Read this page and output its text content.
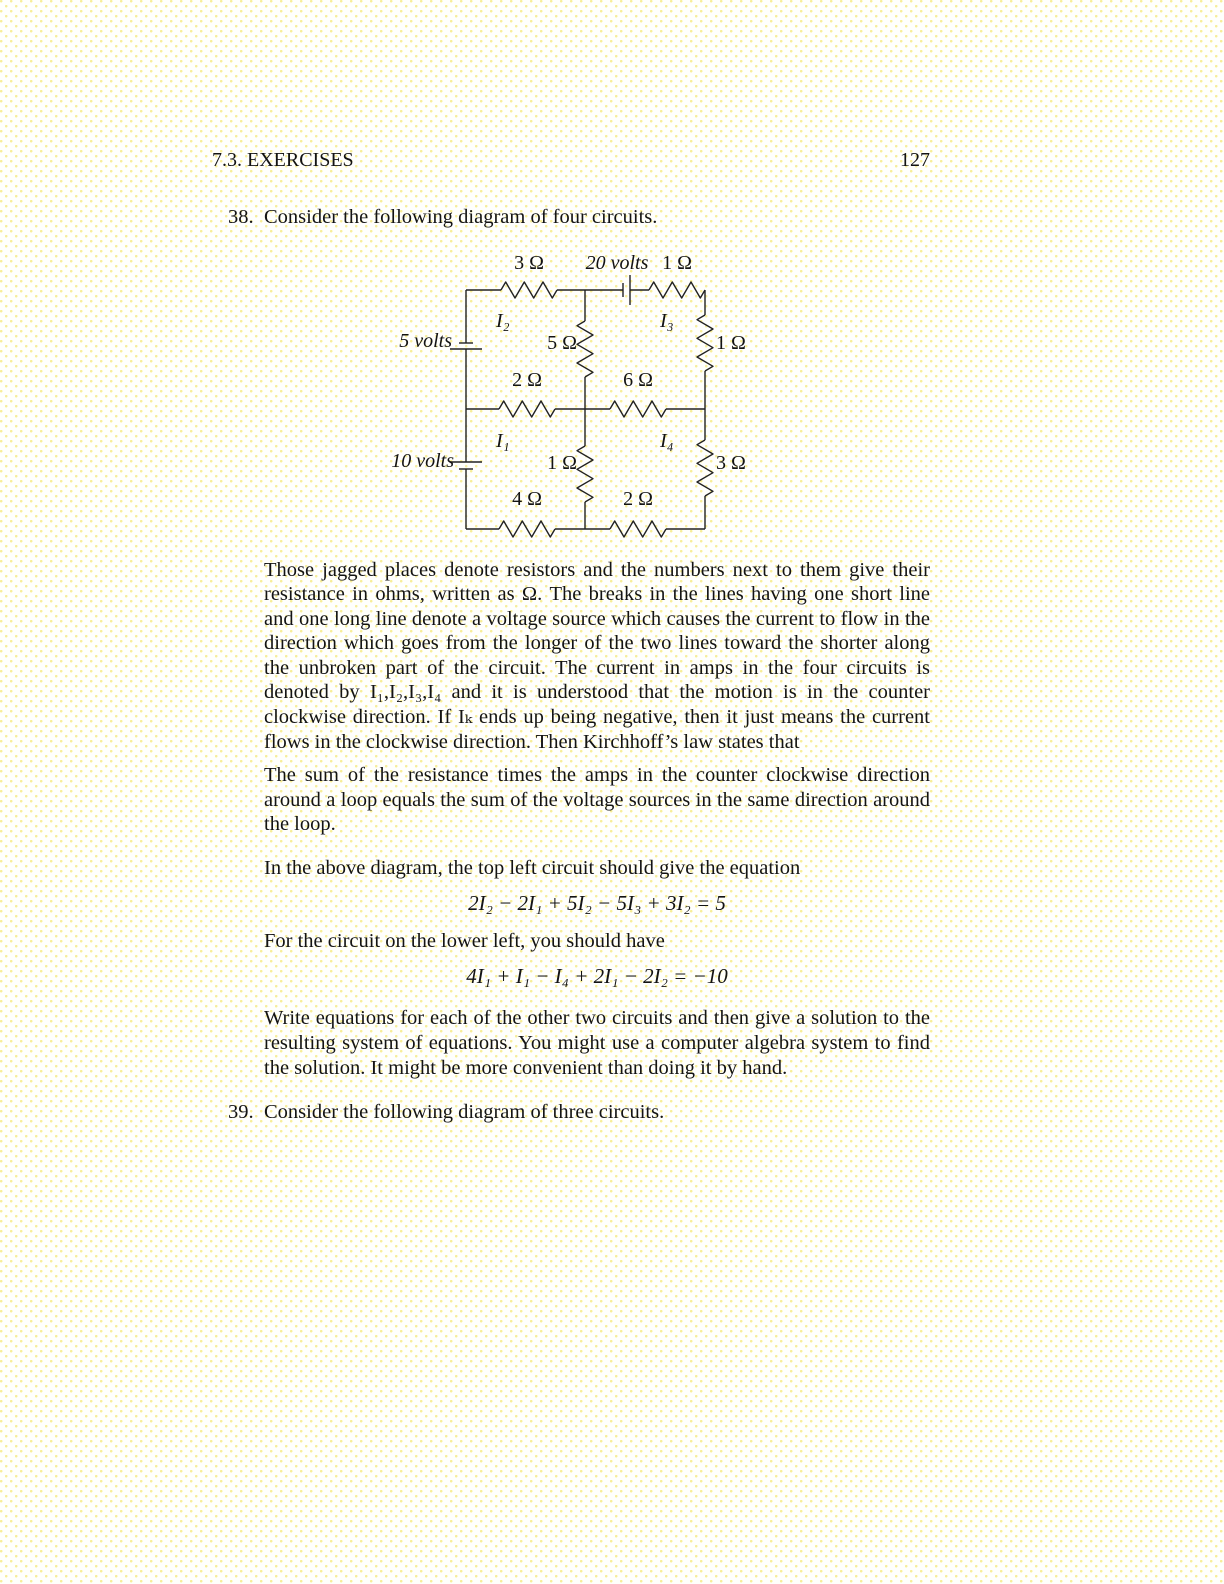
7.3. EXERCISES	127
38. Consider the following diagram of four circuits.
3 Ω 20 volts 1 Ω
5 volts
I₂
5 Ω
I₃
1 Ω
2 Ω	6 Ω
10 volts
I₁
1 Ω
I₄
3 Ω
4 Ω	2 Ω

Those jagged places denote resistors and the numbers next to them give their resistance in ohms, written as Ω. The breaks in the lines having one short line and one long line denote a voltage source which causes the current to flow in the direction which goes from the longer of the two lines toward the shorter along the unbroken part of the circuit. The current in amps in the four circuits is denoted by I₁,I₂,I₃,I₄ and it is understood that the motion is in the counter clockwise direction. If Iₖ ends up being negative, then it just means the current flows in the clockwise direction. Then Kirchhoff’s law states that

The sum of the resistance times the amps in the counter clockwise direction around a loop equals the sum of the voltage sources in the same direction around the loop.

In the above diagram, the top left circuit should give the equation

2I₂ − 2I₁ + 5I₂ − 5I₃ + 3I₂ = 5

For the circuit on the lower left, you should have

4I₁ + I₁ − I₄ + 2I₁ − 2I₂ = −10

Write equations for each of the other two circuits and then give a solution to the resulting system of equations. You might use a computer algebra system to find the solution. It might be more convenient than doing it by hand.

39. Consider the following diagram of three circuits.
